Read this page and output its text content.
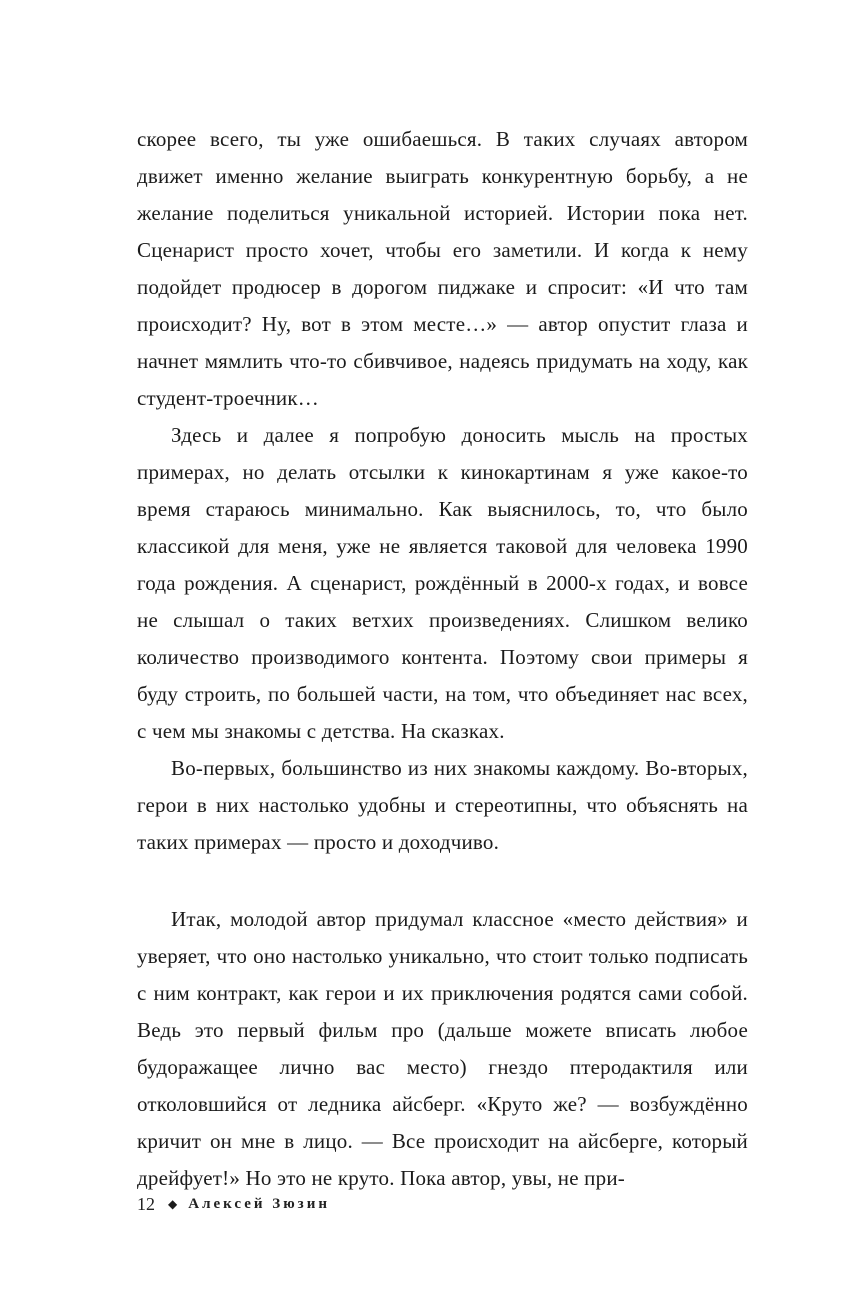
скорее всего, ты уже ошибаешься. В таких случаях автором движет именно желание выиграть конкурентную борьбу, а не желание поделиться уникальной историей. Истории пока нет. Сценарист просто хочет, чтобы его заметили. И когда к нему подойдет продюсер в дорогом пиджаке и спросит: «И что там происходит? Ну, вот в этом месте…» — автор опустит глаза и начнет мямлить что-то сбивчивое, надеясь придумать на ходу, как студент-троечник…

Здесь и далее я попробую доносить мысль на простых примерах, но делать отсылки к кинокартинам я уже какое-то время стараюсь минимально. Как выяснилось, то, что было классикой для меня, уже не является таковой для человека 1990 года рождения. А сценарист, рождённый в 2000-х годах, и вовсе не слышал о таких ветхих произведениях. Слишком велико количество производимого контента. Поэтому свои примеры я буду строить, по большей части, на том, что объединяет нас всех, с чем мы знакомы с детства. На сказках.

Во-первых, большинство из них знакомы каждому. Во-вторых, герои в них настолько удобны и стереотипны, что объяснять на таких примерах — просто и доходчиво.

Итак, молодой автор придумал классное «место действия» и уверяет, что оно настолько уникально, что стоит только подписать с ним контракт, как герои и их приключения родятся сами собой. Ведь это первый фильм про (дальше можете вписать любое будоражащее лично вас место) гнездо птеродактиля или отколовшийся от ледника айсберг. «Круто же? — возбуждённо кричит он мне в лицо. — Все происходит на айсберге, который дрейфует!» Но это не круто. Пока автор, увы, не при-

12 ◆ Алексей Зюзин
